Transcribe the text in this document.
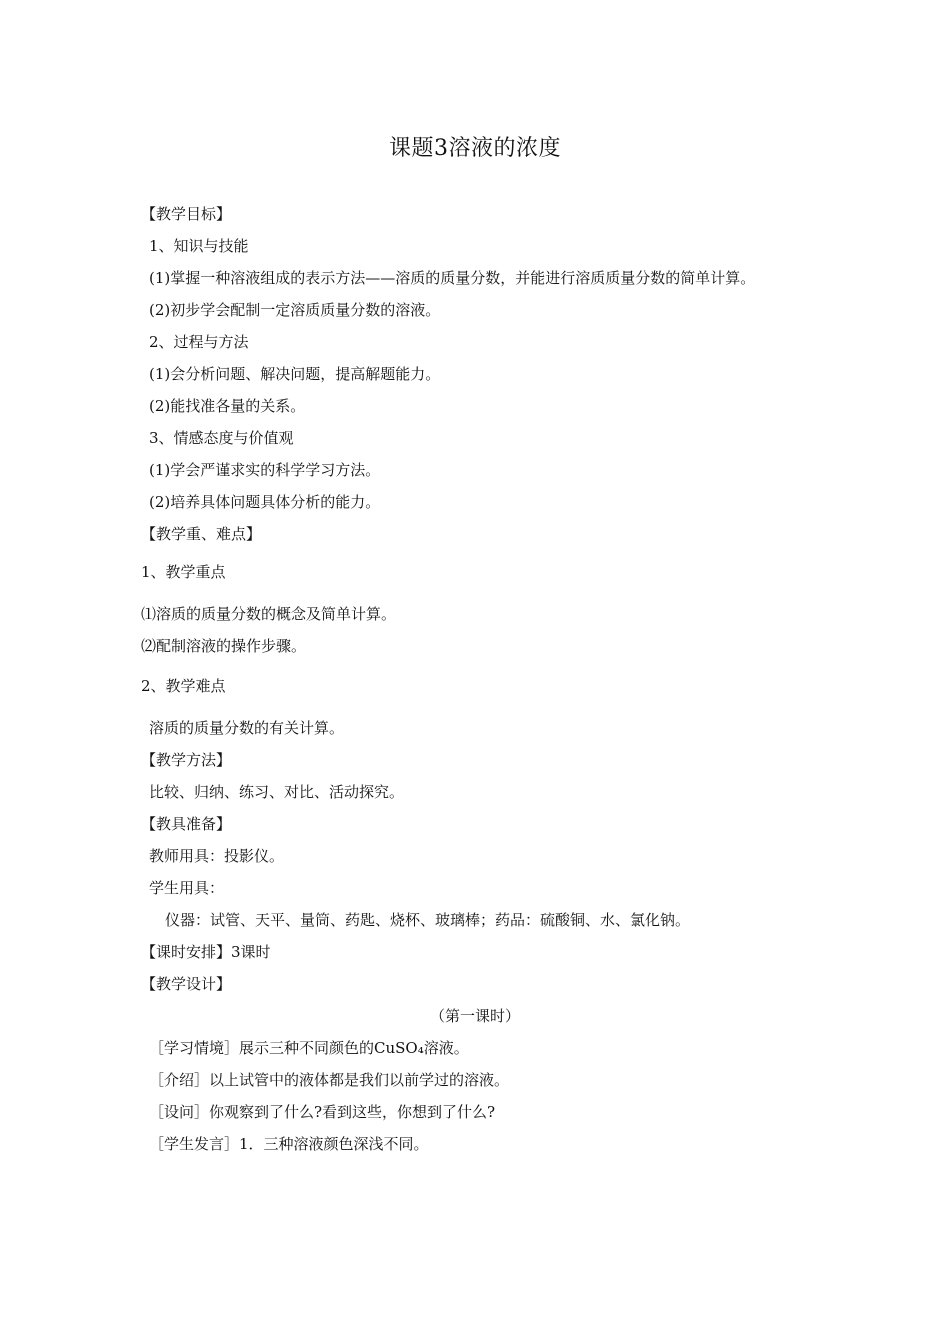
课题3溶液的浓度
【教学目标】
1、知识与技能
(1)掌握一种溶液组成的表示方法——溶质的质量分数，并能进行溶质质量分数的简单计算。
(2)初步学会配制一定溶质质量分数的溶液。
2、过程与方法
(1)会分析问题、解决问题，提高解题能力。
(2)能找准各量的关系。
3、情感态度与价值观
(1)学会严谨求实的科学学习方法。
(2)培养具体问题具体分析的能力。
【教学重、难点】
1、教学重点
⑴溶质的质量分数的概念及简单计算。
⑵配制溶液的操作步骤。
2、教学难点
溶质的质量分数的有关计算。
【教学方法】
比较、归纳、练习、对比、活动探究。
【教具准备】
教师用具：投影仪。
学生用具：
仪器：试管、天平、量筒、药匙、烧杯、玻璃棒；药品：硫酸铜、水、氯化钠。
【课时安排】3课时
【教学设计】
（第一课时）
［学习情境］展示三种不同颜色的CuSO₄溶液。
［介绍］以上试管中的液体都是我们以前学过的溶液。
［设问］你观察到了什么?看到这些，你想到了什么?
［学生发言］1．三种溶液颜色深浅不同。
